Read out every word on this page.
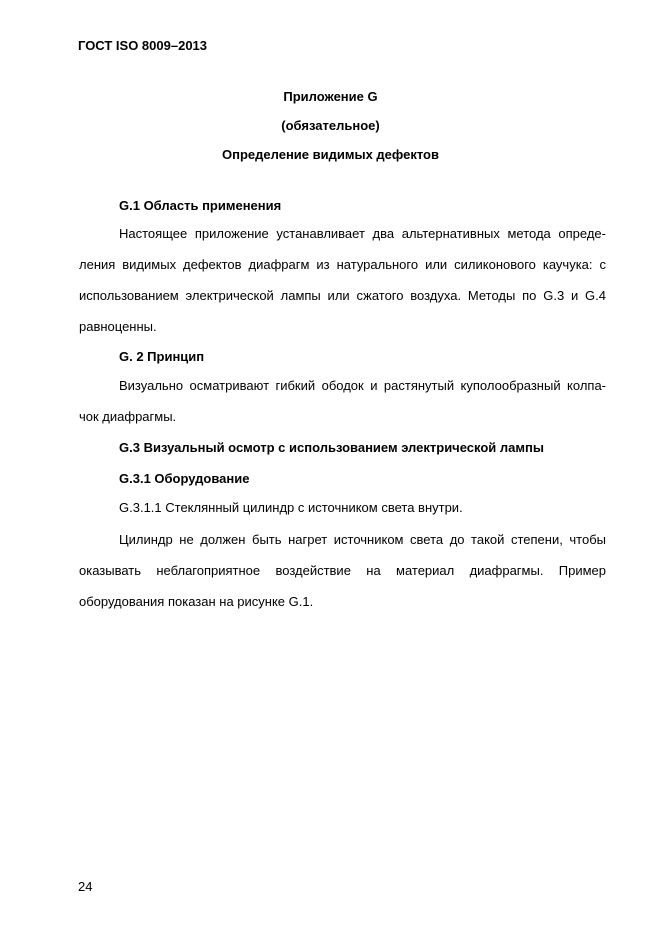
ГОСТ ISO 8009–2013
Приложение G
(обязательное)
Определение видимых дефектов
G.1 Область применения
Настоящее приложение устанавливает два альтернативных метода опреде-
ления видимых дефектов диафрагм из натурального или силиконового каучука: с
использованием электрической лампы или сжатого воздуха. Методы по G.3 и G.4
равноценны.
G. 2 Принцип
Визуально осматривают гибкий ободок и растянутый куполообразный колпа-
чок диафрагмы.
G.3 Визуальный осмотр с использованием электрической лампы
G.3.1 Оборудование
G.3.1.1 Стеклянный цилиндр с источником света внутри.
Цилиндр не должен быть нагрет источником света до такой степени, чтобы
оказывать неблагоприятное воздействие на материал диафрагмы. Пример
оборудования показан на рисунке G.1.
24
